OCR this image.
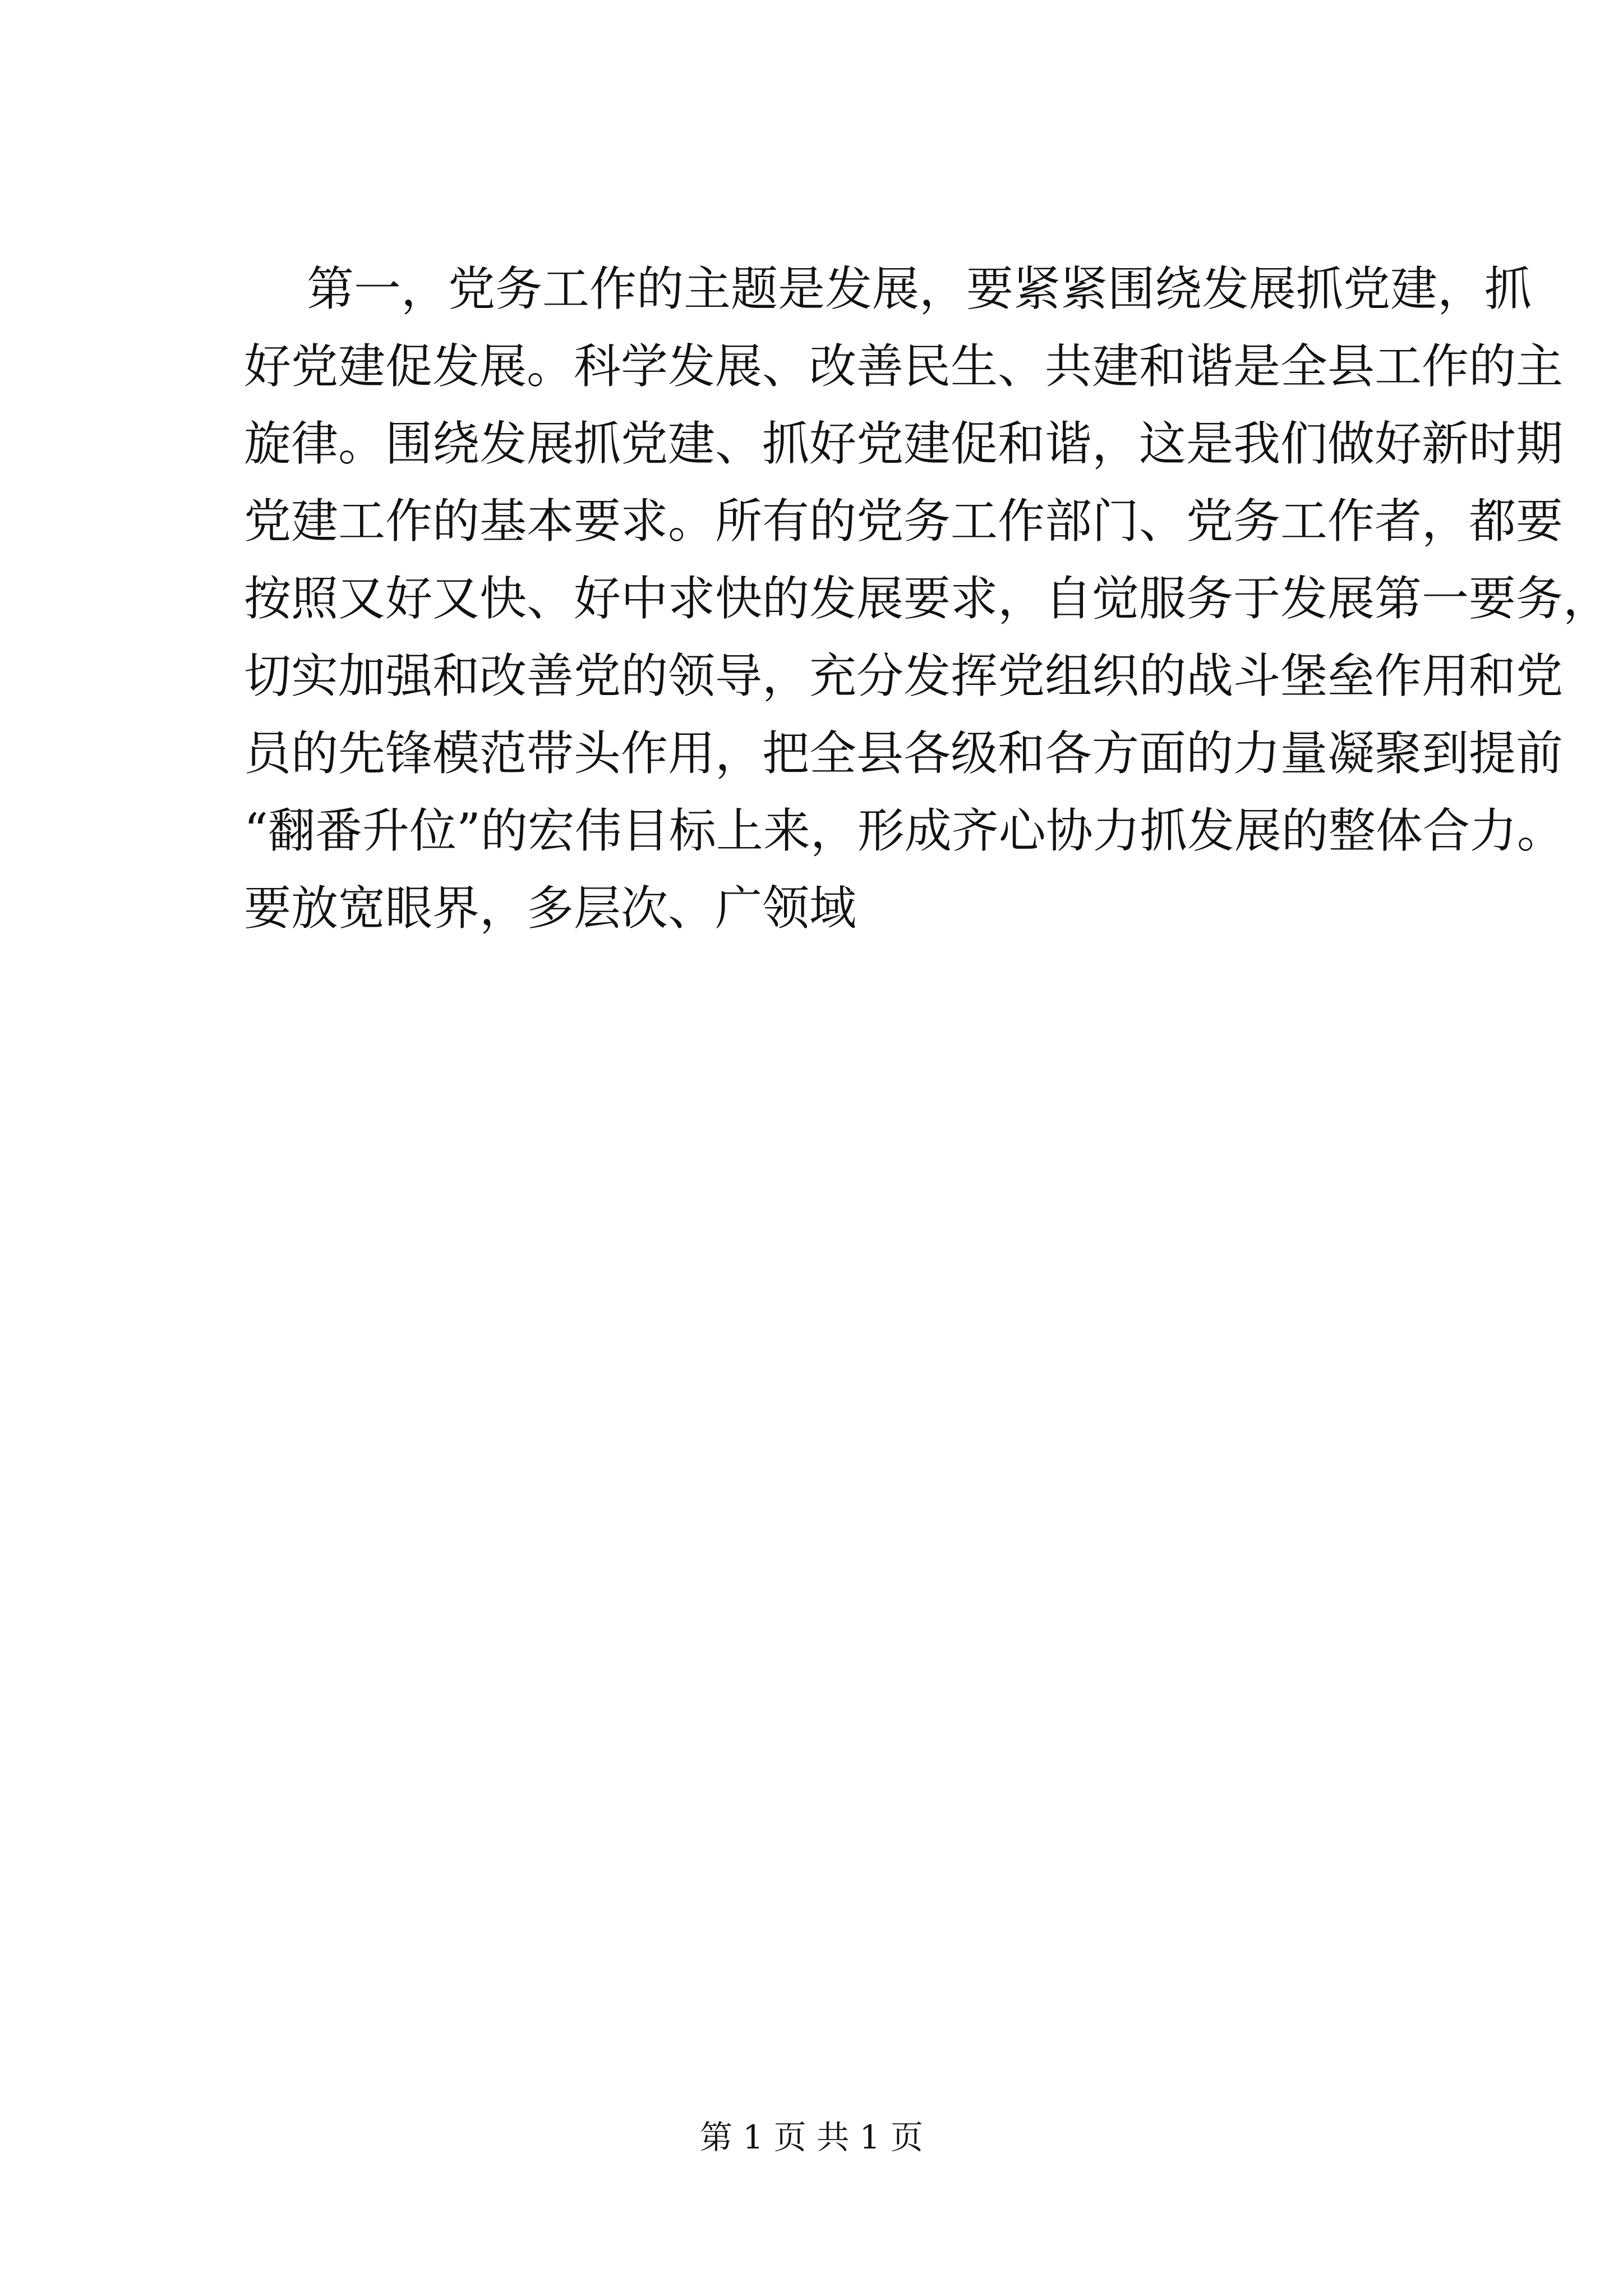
第一，党务工作的主题是发展，要紧紧围绕发展抓党建，抓
好党建促发展。科学发展、改善民生、共建和谐是全县工作的主
旋律。围绕发展抓党建、抓好党建促和谐，这是我们做好新时期
党建工作的基本要求。所有的党务工作部门、党务工作者，都要
按照又好又快、好中求快的发展要求，自觉服务于发展第一要务，
切实加强和改善党的领导，充分发挥党组织的战斗堡垒作用和党
员的先锋模范带头作用，把全县各级和各方面的力量凝聚到提前
“翻番升位”的宏伟目标上来，形成齐心协力抓发展的整体合力。
要放宽眼界，多层次、广领域
第 1 页 共 1 页
